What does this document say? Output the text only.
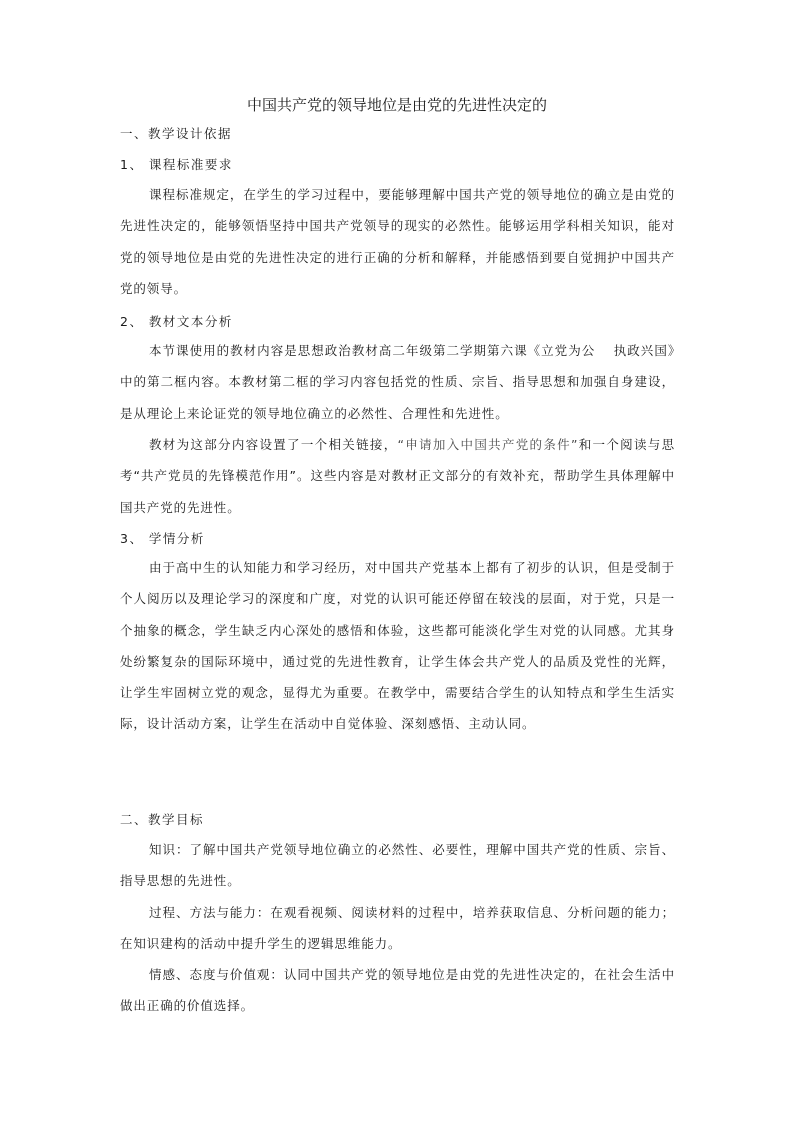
中国共产党的领导地位是由党的先进性决定的
一、教学设计依据
1、 课程标准要求
课程标准规定，在学生的学习过程中，要能够理解中国共产党的领导地位的确立是由党的先进性决定的，能够领悟坚持中国共产党领导的现实的必然性。能够运用学科相关知识，能对党的领导地位是由党的先进性决定的进行正确的分析和解释，并能感悟到要自觉拥护中国共产党的领导。
2、 教材文本分析
本节课使用的教材内容是思想政治教材高二年级第二学期第六课《立党为公　 执政兴国》中的第二框内容。本教材第二框的学习内容包括党的性质、宗旨、指导思想和加强自身建设，是从理论上来论证党的领导地位确立的必然性、合理性和先进性。
教材为这部分内容设置了一个相关链接，“申请加入中国共产党的条件”和一个阅读与思考“共产党员的先锋模范作用”。这些内容是对教材正文部分的有效补充，帮助学生具体理解中国共产党的先进性。
3、 学情分析
由于高中生的认知能力和学习经历，对中国共产党基本上都有了初步的认识，但是受制于个人阅历以及理论学习的深度和广度，对党的认识可能还停留在较浅的层面，对于党，只是一个抽象的概念，学生缺乏内心深处的感悟和体验，这些都可能淡化学生对党的认同感。尤其身处纷繁复杂的国际环境中，通过党的先进性教育，让学生体会共产党人的品质及党性的光辉，让学生牢固树立党的观念，显得尤为重要。在教学中，需要结合学生的认知特点和学生生活实际，设计活动方案，让学生在活动中自觉体验、深刻感悟、主动认同。
二、教学目标
知识：了解中国共产党领导地位确立的必然性、必要性，理解中国共产党的性质、宗旨、指导思想的先进性。
过程、方法与能力：在观看视频、阅读材料的过程中，培养获取信息、分析问题的能力；在知识建构的活动中提升学生的逻辑思维能力。
情感、态度与价值观：认同中国共产党的领导地位是由党的先进性决定的，在社会生活中做出正确的价值选择。
